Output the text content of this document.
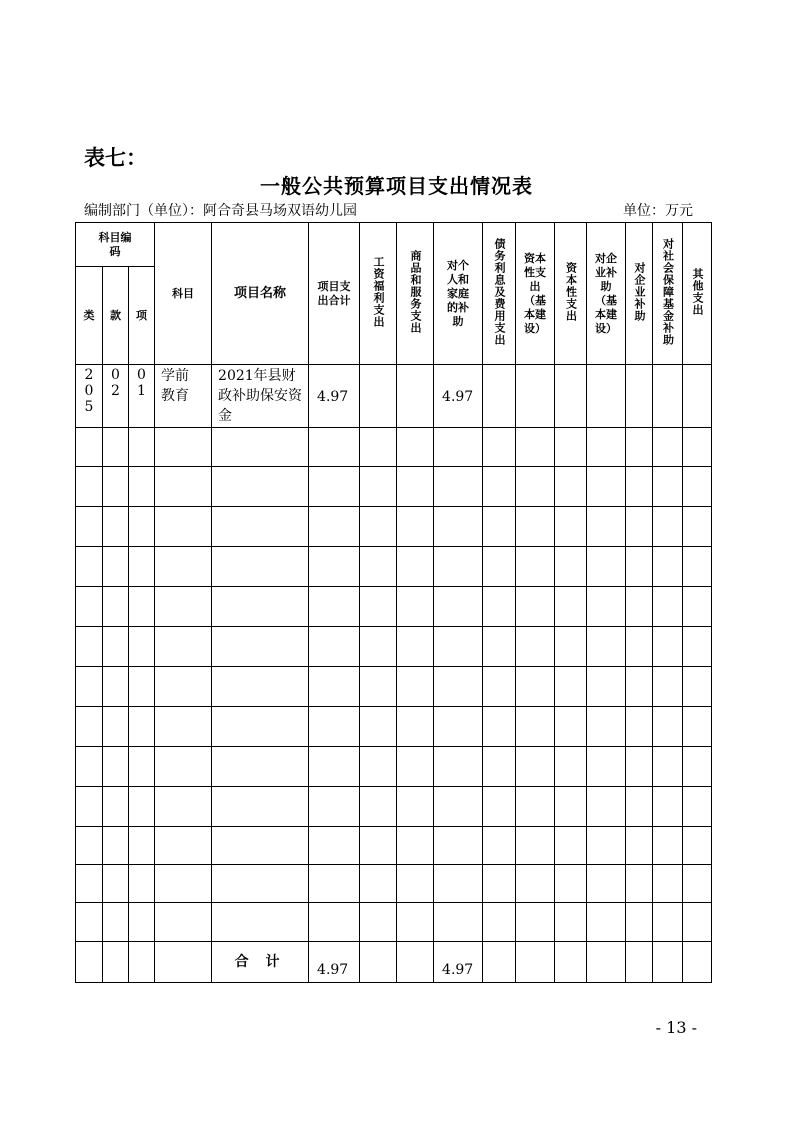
表七：
一般公共预算项目支出情况表
编制部门（单位）：阿合奇县马场双语幼儿园	单位：万元
科目编码			科目	项目名称	项目支出合计	工资福利支出	商品和服务支出	对个人和家庭的补助	债务利息及费用支出	资本性支出（基本建设）	资本性支出	对企业补助（基本建设）	对企业补助	对社会保障基金补助	其他支出
类	款	项													
205	02	01	学前教育	2021年县财政补助保安资金	4.97			4.97							

				合 计	4.97			4.97							
- 13 -
